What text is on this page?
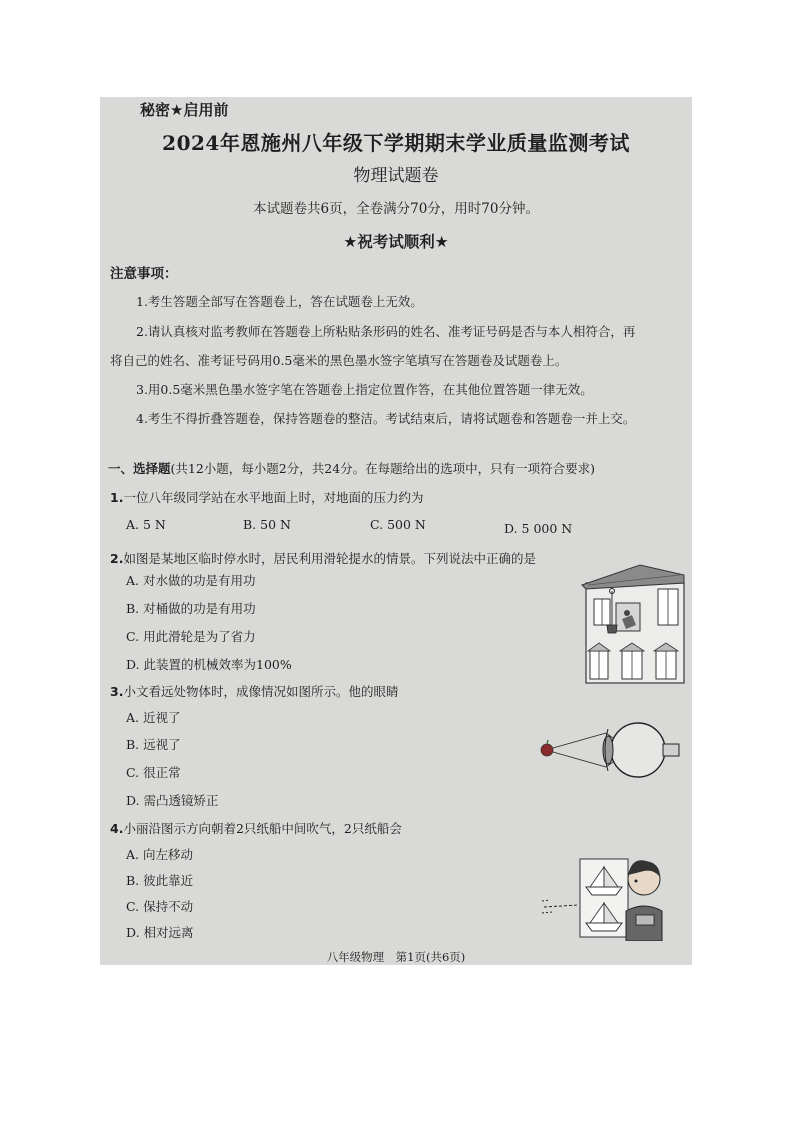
秘密★启用前
2024年恩施州八年级下学期期末学业质量监测考试
物理试题卷
本试题卷共6页，全卷满分70分，用时70分钟。
★祝考试顺利★
注意事项：
1.考生答题全部写在答题卷上，答在试题卷上无效。
2.请认真核对监考教师在答题卷上所粘贴条形码的姓名、准考证号码是否与本人相符合，再
将自己的姓名、准考证号码用0.5毫米的黑色墨水签字笔填写在答题卷及试题卷上。
3.用0.5毫米黑色墨水签字笔在答题卷上指定位置作答，在其他位置答题一律无效。
4.考生不得折叠答题卷，保持答题卷的整洁。考试结束后，请将试题卷和答题卷一并上交。
一、选择题(共12小题，每小题2分，共24分。在每题给出的选项中，只有一项符合要求)
1.一位八年级同学站在水平地面上时，对地面的压力约为
A. 5 N	B. 50 N	C. 500 N	D. 5 000 N
2.如图是某地区临时停水时，居民利用滑轮提水的情景。下列说法中正确的是
A. 对水做的功是有用功
B. 对桶做的功是有用功
C. 用此滑轮是为了省力
D. 此装置的机械效率为100%
3.小文看远处物体时，成像情况如图所示。他的眼睛
A. 近视了
B. 远视了
C. 很正常
D. 需凸透镜矫正
4.小丽沿图示方向朝着2只纸船中间吹气，2只纸船会
A. 向左移动
B. 彼此靠近
C. 保持不动
D. 相对远离
八年级物理　第1页(共6页)
